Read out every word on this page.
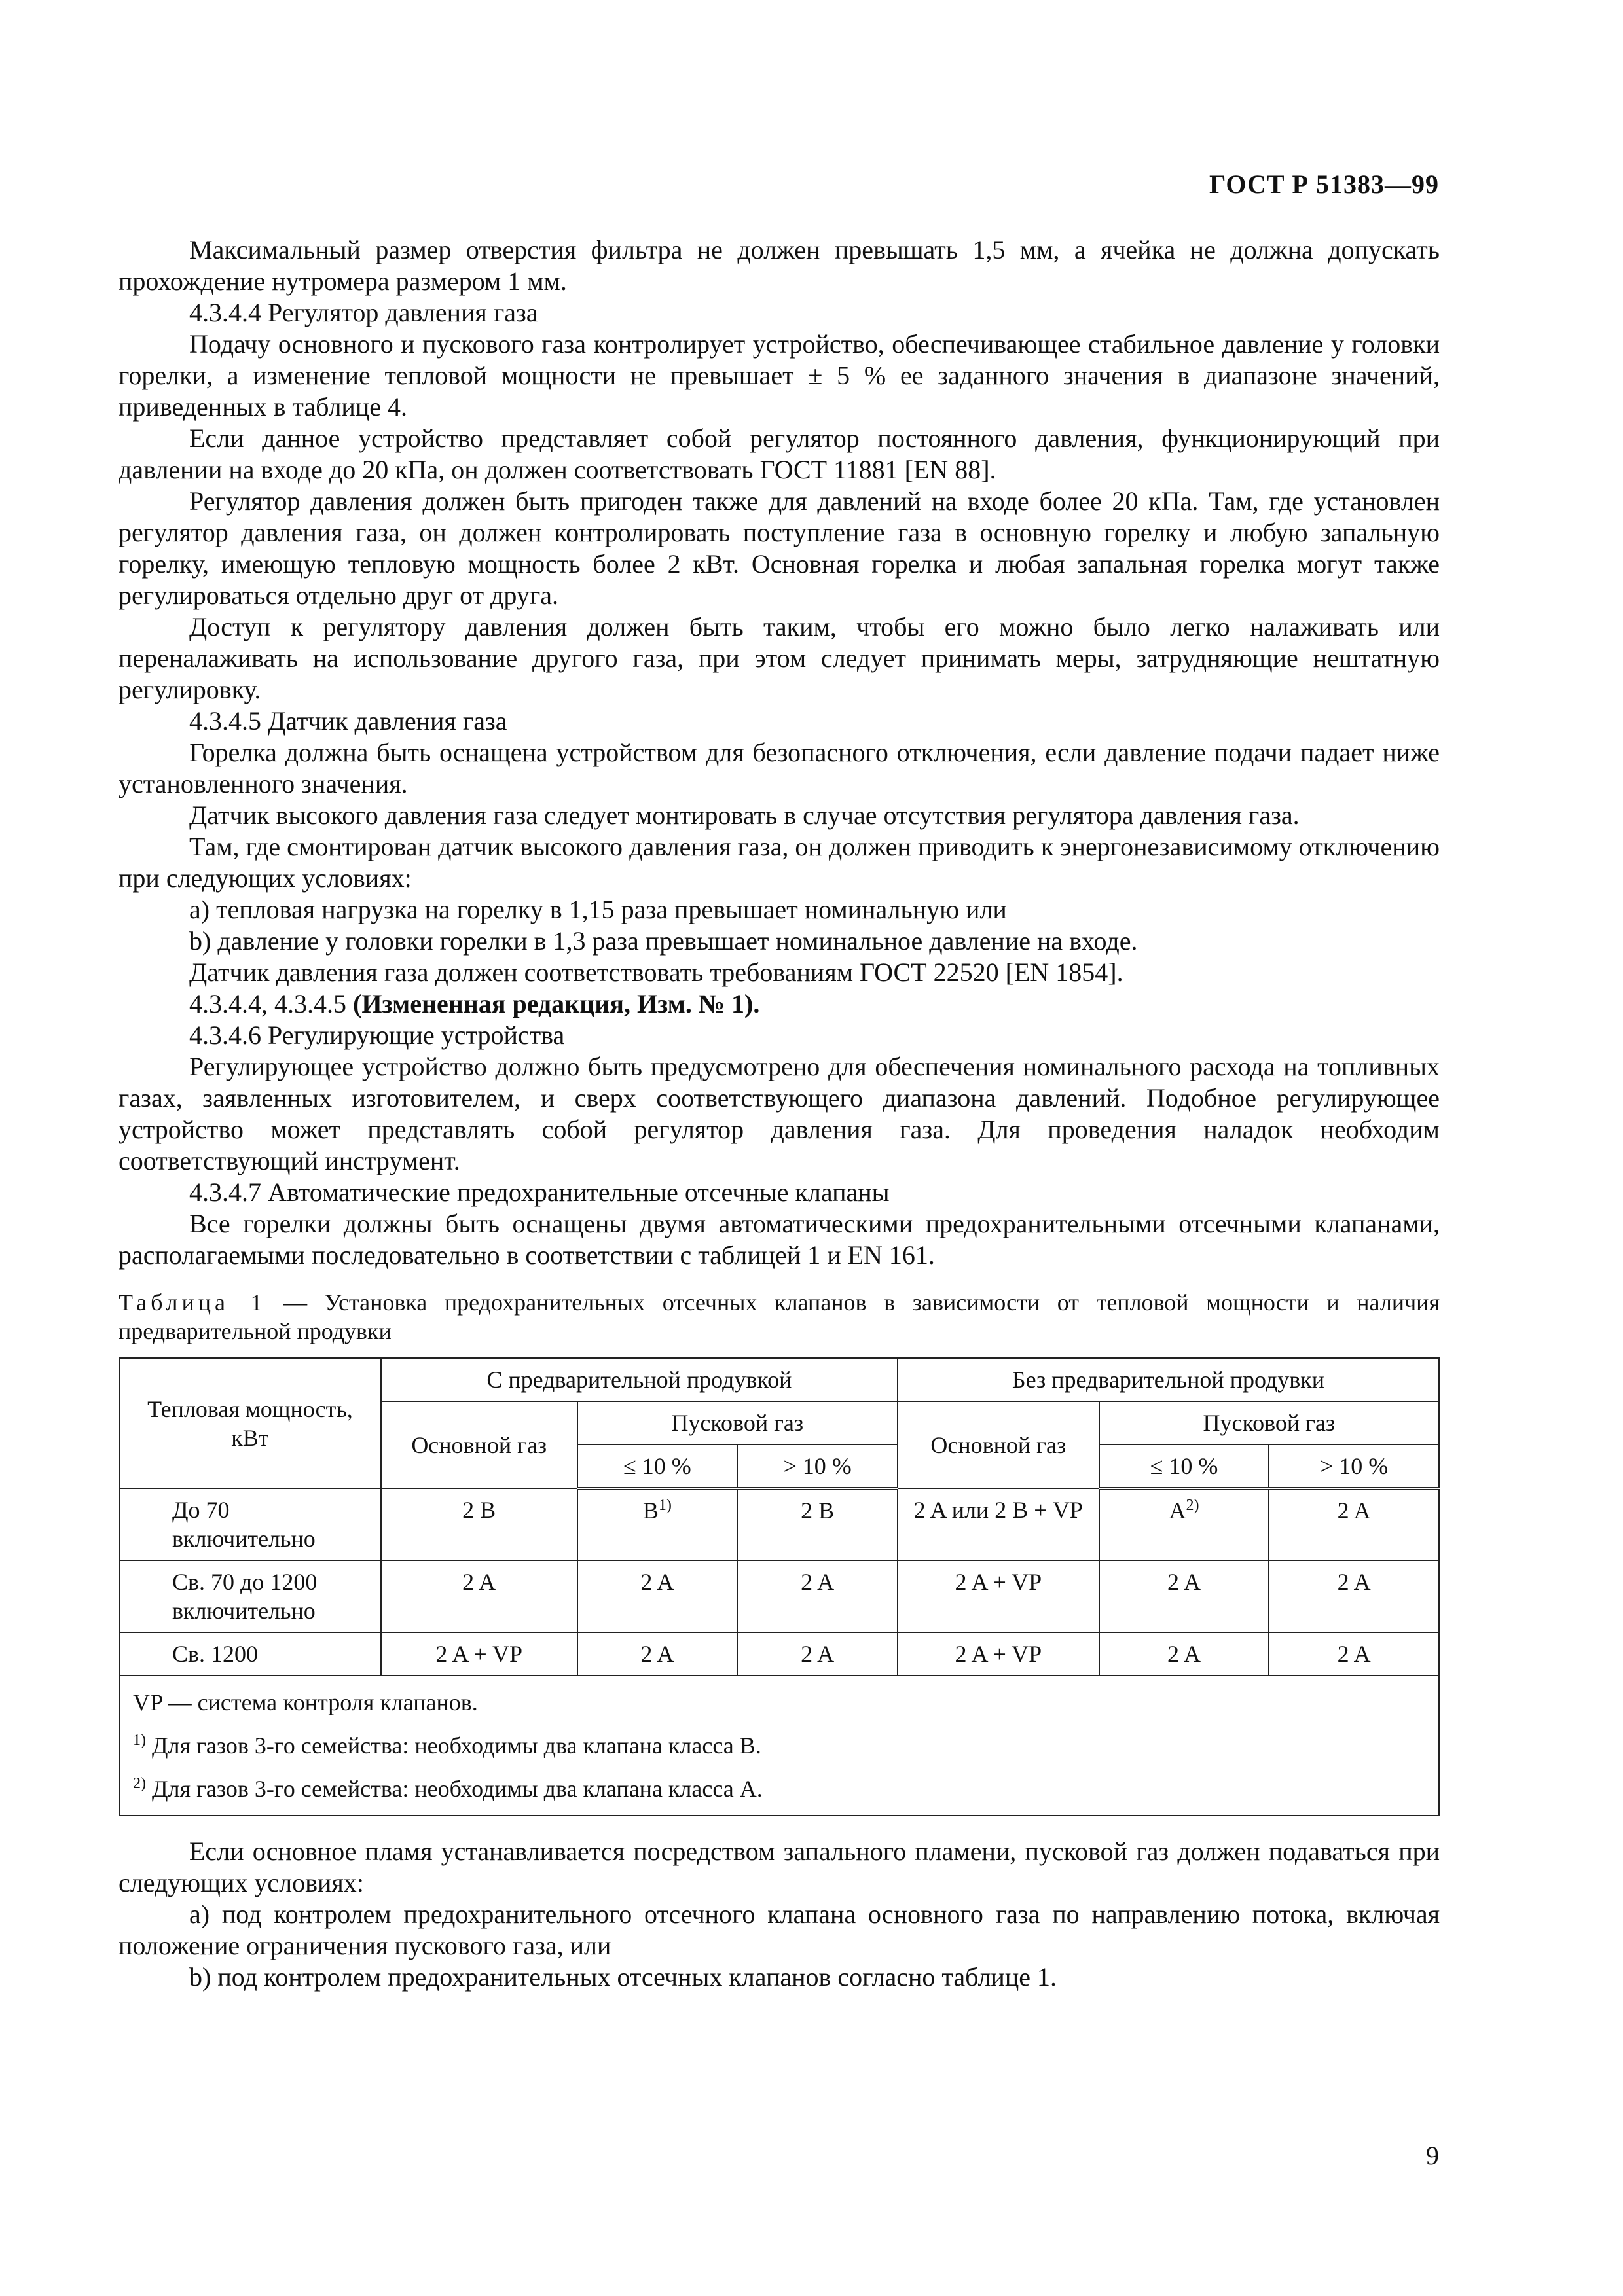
ГОСТ Р 51383—99

Максимальный размер отверстия фильтра не должен превышать 1,5 мм, а ячейка не должна допускать прохождение нутромера размером 1 мм.

4.3.4.4 Регулятор давления газа

Подачу основного и пускового газа контролирует устройство, обеспечивающее стабильное давление у головки горелки, а изменение тепловой мощности не превышает ± 5 % ее заданного значения в диапазоне значений, приведенных в таблице 4.

Если данное устройство представляет собой регулятор постоянного давления, функционирующий при давлении на входе до 20 кПа, он должен соответствовать ГОСТ 11881 [EN 88].

Регулятор давления должен быть пригоден также для давлений на входе более 20 кПа. Там, где установлен регулятор давления газа, он должен контролировать поступление газа в основную горелку и любую запальную горелку, имеющую тепловую мощность более 2 кВт. Основная горелка и любая запальная горелка могут также регулироваться отдельно друг от друга.

Доступ к регулятору давления должен быть таким, чтобы его можно было легко налаживать или переналаживать на использование другого газа, при этом следует принимать меры, затрудняющие нештатную регулировку.

4.3.4.5 Датчик давления газа

Горелка должна быть оснащена устройством для безопасного отключения, если давление подачи падает ниже установленного значения.

Датчик высокого давления газа следует монтировать в случае отсутствия регулятора давления газа.

Там, где смонтирован датчик высокого давления газа, он должен приводить к энергонезависимому отключению при следующих условиях:

a) тепловая нагрузка на горелку в 1,15 раза превышает номинальную или

b) давление у головки горелки в 1,3 раза превышает номинальное давление на входе.

Датчик давления газа должен соответствовать требованиям ГОСТ 22520 [EN 1854].

4.3.4.4, 4.3.4.5 (Измененная редакция, Изм. № 1).

4.3.4.6 Регулирующие устройства

Регулирующее устройство должно быть предусмотрено для обеспечения номинального расхода на топливных газах, заявленных изготовителем, и сверх соответствующего диапазона давлений. Подобное регулирующее устройство может представлять собой регулятор давления газа. Для проведения наладок необходим соответствующий инструмент.

4.3.4.7 Автоматические предохранительные отсечные клапаны

Все горелки должны быть оснащены двумя автоматическими предохранительными отсечными клапанами, располагаемыми последовательно в соответствии с таблицей 1 и EN 161.

Таблица 1 — Установка предохранительных отсечных клапанов в зависимости от тепловой мощности и наличия предварительной продувки
Тепловая мощность, кВт	С предварительной продувкой			Без предварительной продувки		
	Основной газ	Пусковой газ		Основной газ	Пусковой газ	
		≤ 10 %	> 10 %		≤ 10 %	> 10 %
До 70 включительно	2 B	$B^{1)}$	2 B	2 A или 2 B + VP	$A^{2)}$	2 A
Св. 70 до 1200 включительно	2 A	2 A	2 A	2 A + VP	2 A	2 A
Св. 1200	2 A + VP	2 A	2 A	2 A + VP	2 A	2 A

VP — система контроля клапанов.
$^{1)}$ Для газов 3-го семейства: необходимы два клапана класса B.
$^{2)}$ Для газов 3-го семейства: необходимы два клапана класса A.						

Если основное пламя устанавливается посредством запального пламени, пусковой газ должен подаваться при следующих условиях:

a) под контролем предохранительного отсечного клапана основного газа по направлению потока, включая положение ограничения пускового газа, или

b) под контролем предохранительных отсечных клапанов согласно таблице 1.

9
